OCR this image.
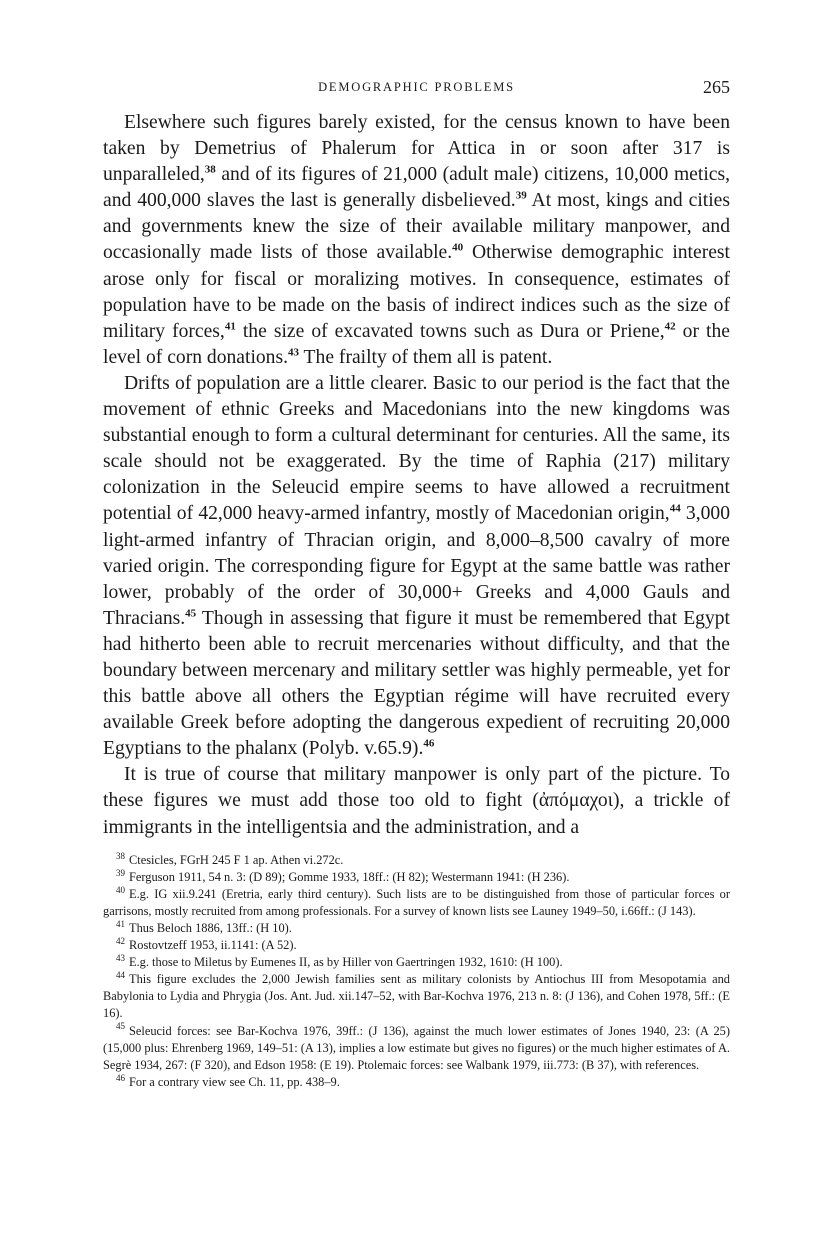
DEMOGRAPHIC PROBLEMS	265

Elsewhere such figures barely existed, for the census known to have been taken by Demetrius of Phalerum for Attica in or soon after 317 is unparalleled,$^{38}$ and of its figures of 21,000 (adult male) citizens, 10,000 metics, and 400,000 slaves the last is generally disbelieved.$^{39}$ At most, kings and cities and governments knew the size of their available military manpower, and occasionally made lists of those available.$^{40}$ Otherwise demographic interest arose only for fiscal or moralizing motives. In consequence, estimates of population have to be made on the basis of indirect indices such as the size of military forces,$^{41}$ the size of excavated towns such as Dura or Priene,$^{42}$ or the level of corn donations.$^{43}$ The frailty of them all is patent.

Drifts of population are a little clearer. Basic to our period is the fact that the movement of ethnic Greeks and Macedonians into the new kingdoms was substantial enough to form a cultural determinant for centuries. All the same, its scale should not be exaggerated. By the time of Raphia (217) military colonization in the Seleucid empire seems to have allowed a recruitment potential of 42,000 heavy-armed infantry, mostly of Macedonian origin,$^{44}$ 3,000 light-armed infantry of Thracian origin, and 8,000–8,500 cavalry of more varied origin. The corresponding figure for Egypt at the same battle was rather lower, probably of the order of 30,000+ Greeks and 4,000 Gauls and Thracians.$^{45}$ Though in assessing that figure it must be remembered that Egypt had hitherto been able to recruit mercenaries without difficulty, and that the boundary between mercenary and military settler was highly permeable, yet for this battle above all others the Egyptian régime will have recruited every available Greek before adopting the dangerous expedient of recruiting 20,000 Egyptians to the phalanx (Polyb. v.65.9).$^{46}$

It is true of course that military manpower is only part of the picture. To these figures we must add those too old to fight (ἀπόμαχοι), a trickle of immigrants in the intelligentsia and the administration, and a

$^{38}$ Ctesicles, FGrH 245 F 1 ap. Athen vi.272c.

$^{39}$ Ferguson 1911, 54 n. 3: (D 89); Gomme 1933, 18ff.: (H 82); Westermann 1941: (H 236).

$^{40}$ E.g. IG xii.9.241 (Eretria, early third century). Such lists are to be distinguished from those of particular forces or garrisons, mostly recruited from among professionals. For a survey of known lists see Launey 1949–50, i.66ff.: (J 143).

$^{41}$ Thus Beloch 1886, 13ff.: (H 10).

$^{42}$ Rostovtzeff 1953, ii.1141: (A 52).

$^{43}$ E.g. those to Miletus by Eumenes II, as by Hiller von Gaertringen 1932, 1610: (H 100).

$^{44}$ This figure excludes the 2,000 Jewish families sent as military colonists by Antiochus III from Mesopotamia and Babylonia to Lydia and Phrygia (Jos. Ant. Jud. xii.147–52, with Bar-Kochva 1976, 213 n. 8: (J 136), and Cohen 1978, 5ff.: (E 16).

$^{45}$ Seleucid forces: see Bar-Kochva 1976, 39ff.: (J 136), against the much lower estimates of Jones 1940, 23: (A 25) (15,000 plus: Ehrenberg 1969, 149–51: (A 13), implies a low estimate but gives no figures) or the much higher estimates of A. Segrè 1934, 267: (F 320), and Edson 1958: (E 19). Ptolemaic forces: see Walbank 1979, iii.773: (B 37), with references.

$^{46}$ For a contrary view see Ch. 11, pp. 438–9.
